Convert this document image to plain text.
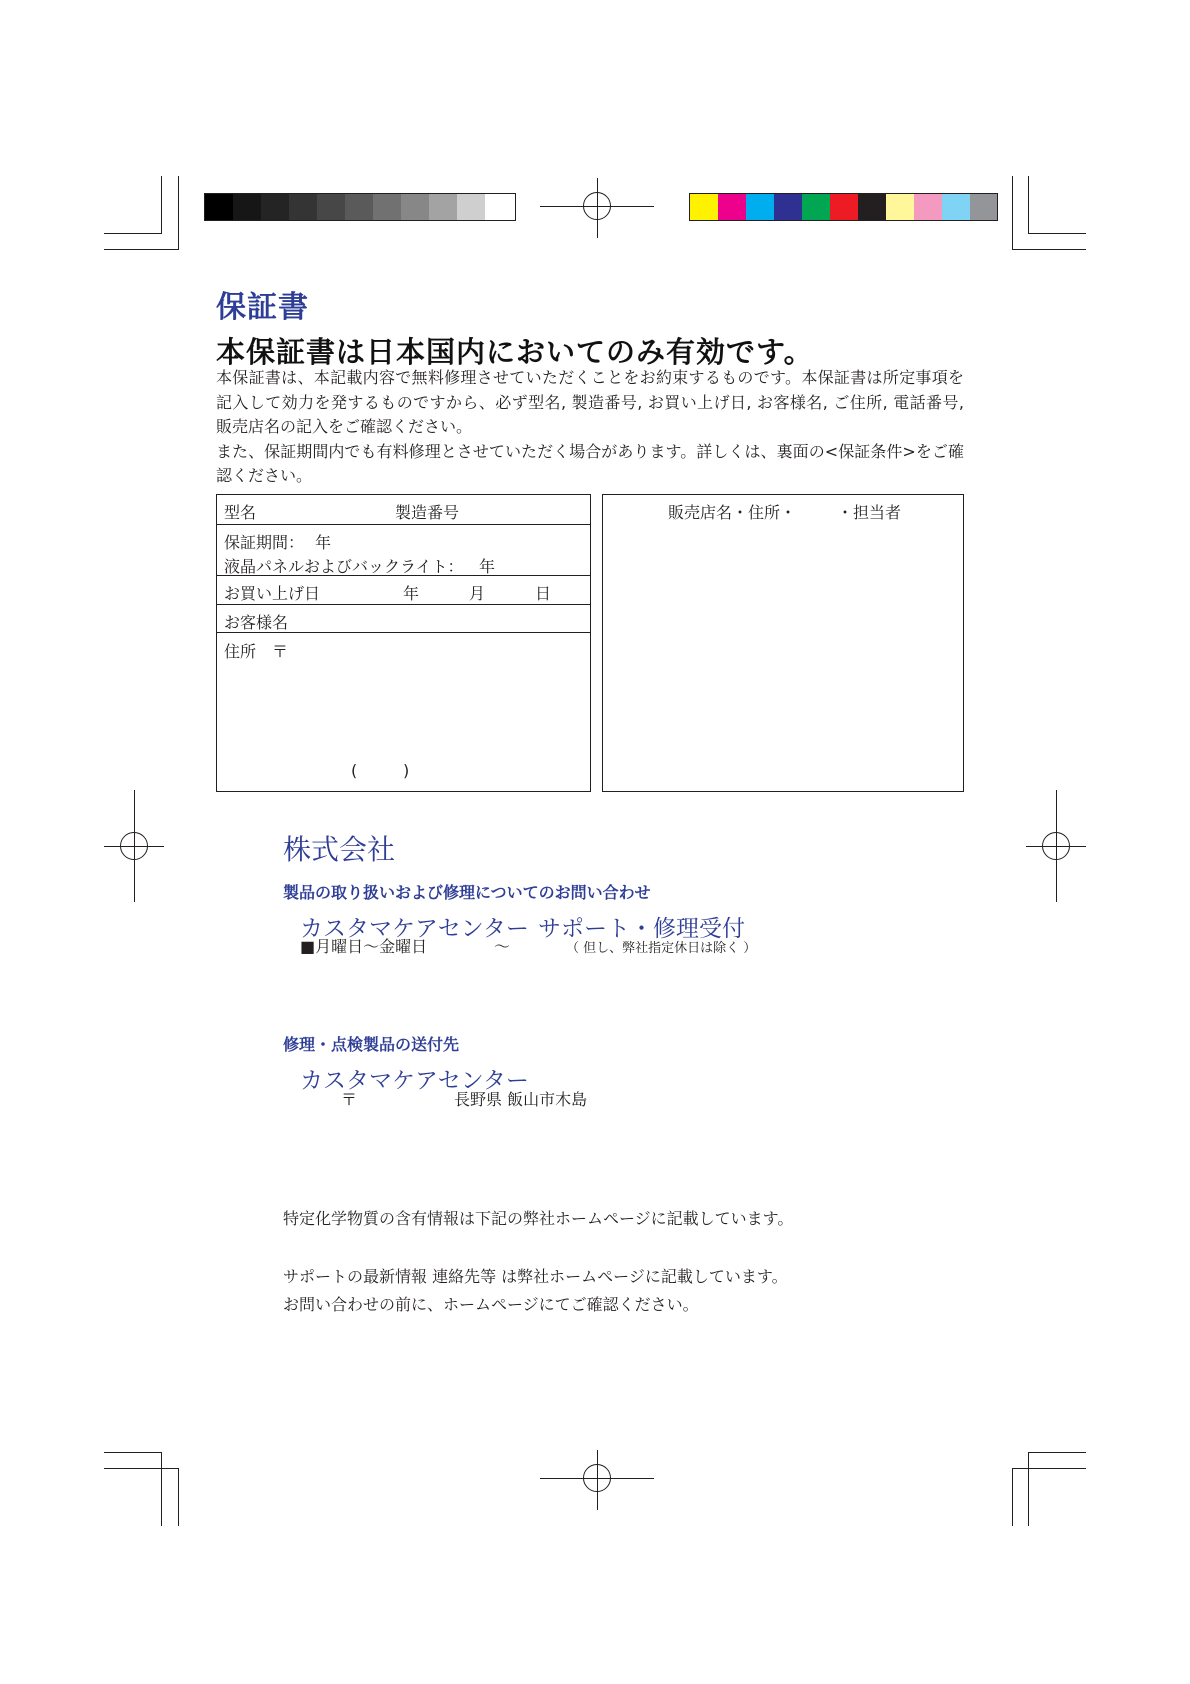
保証書
本保証書は日本国内においてのみ有効です。

本保証書は、本記載内容で無料修理させていただくことをお約束するものです。本保証書は所定事項を記入して効力を発するものですから、必ず型名, 製造番号, お買い上げ日, お客様名, ご住所, 電話番号, 販売店名の記入をご確認ください。

また、保証期間内でも有料修理とさせていただく場合があります。詳しくは、裏面の<保証条件>をご確認ください。

型名	製造番号
保証期間： 年
液晶パネルおよびバックライト： 年
お買い上げ日	年	月	日
お客様名
住所 〒
(	)
販売店名・住所・	・担当者
株式会社
製品の取り扱いおよび修理についてのお問い合わせ
カスタマケアセンター サポート・修理受付
■月曜日〜金曜日	〜	（ 但し、弊社指定休日は除く ）
修理・点検製品の送付先
カスタマケアセンター
〒	長野県 飯山市木島
特定化学物質の含有情報は下記の弊社ホームページに記載しています。
サポートの最新情報 連絡先等 は弊社ホームページに記載しています。
お問い合わせの前に、ホームページにてご確認ください。
